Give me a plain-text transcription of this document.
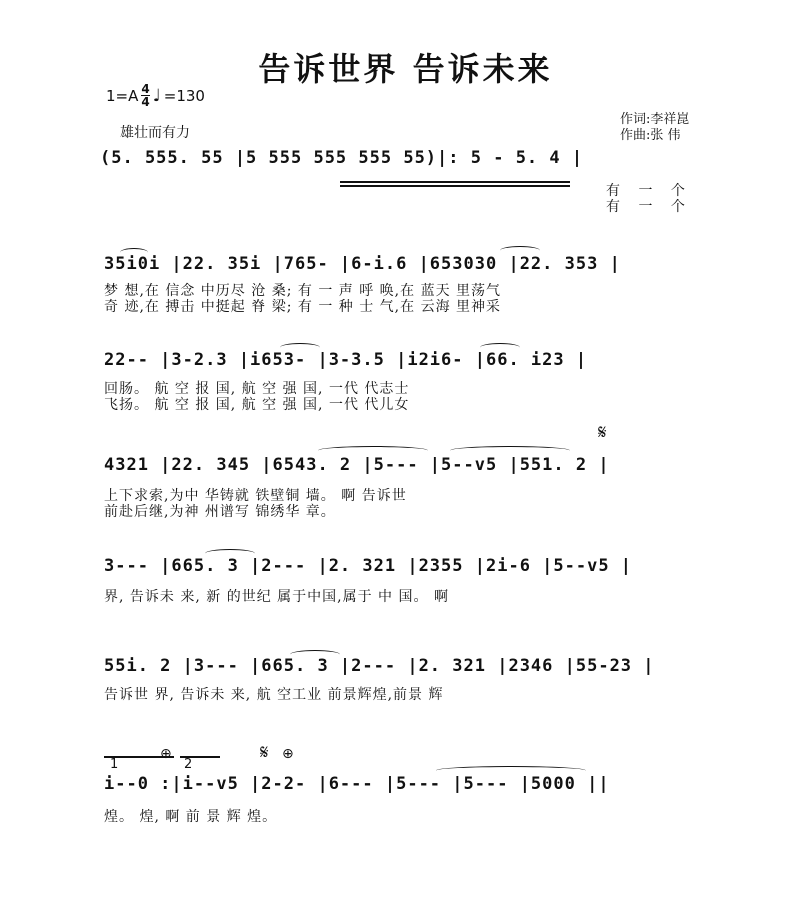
告诉世界 告诉未来
1=A 4
4 ♩ =130
雄壮而有力
作词:李祥崑
作曲:张 伟
(5. 555. 55 |5 555 555 555 55)|: 5 - 5. 4 |
有 一 个
有 一 个
35i0i |22. 35i |765- |6-i.6 |653030 |22. 353 |
梦 想,在 信念 中历尽 沧 桑; 有 一 声 呼 唤,在 蓝天 里荡气
奇 迹,在 搏击 中挺起 脊 梁; 有 一 种 士 气,在 云海 里神采
22-- |3-2.3 |i653- |3-3.5 |i2i6- |66. i23 |
回肠。 航 空 报 国, 航 空 强 国, 一代 代志士
飞扬。 航 空 报 国, 航 空 强 国, 一代 代儿女
𝄋
4321 |22. 345 |6543. 2 |5--- |5--v5 |551. 2 |
上下求索,为中 华铸就 铁壁铜 墙。 啊 告诉世
前赴后继,为神 州谱写 锦绣华 章。
3--- |665. 3 |2--- |2. 321 |2355 |2i-6 |5--v5 |
界, 告诉未 来, 新 的世纪 属于中国,属于 中 国。 啊
55i. 2 |3--- |665. 3 |2--- |2. 321 |2346 |55-23 |
告诉世 界, 告诉未 来, 航 空工业 前景辉煌,前景 辉
1
⊕
2
𝄋 ⊕
i--0 :|i--v5 |2-2- |6--- |5--- |5--- |5000 ||
煌。 煌, 啊 前 景 辉 煌。
